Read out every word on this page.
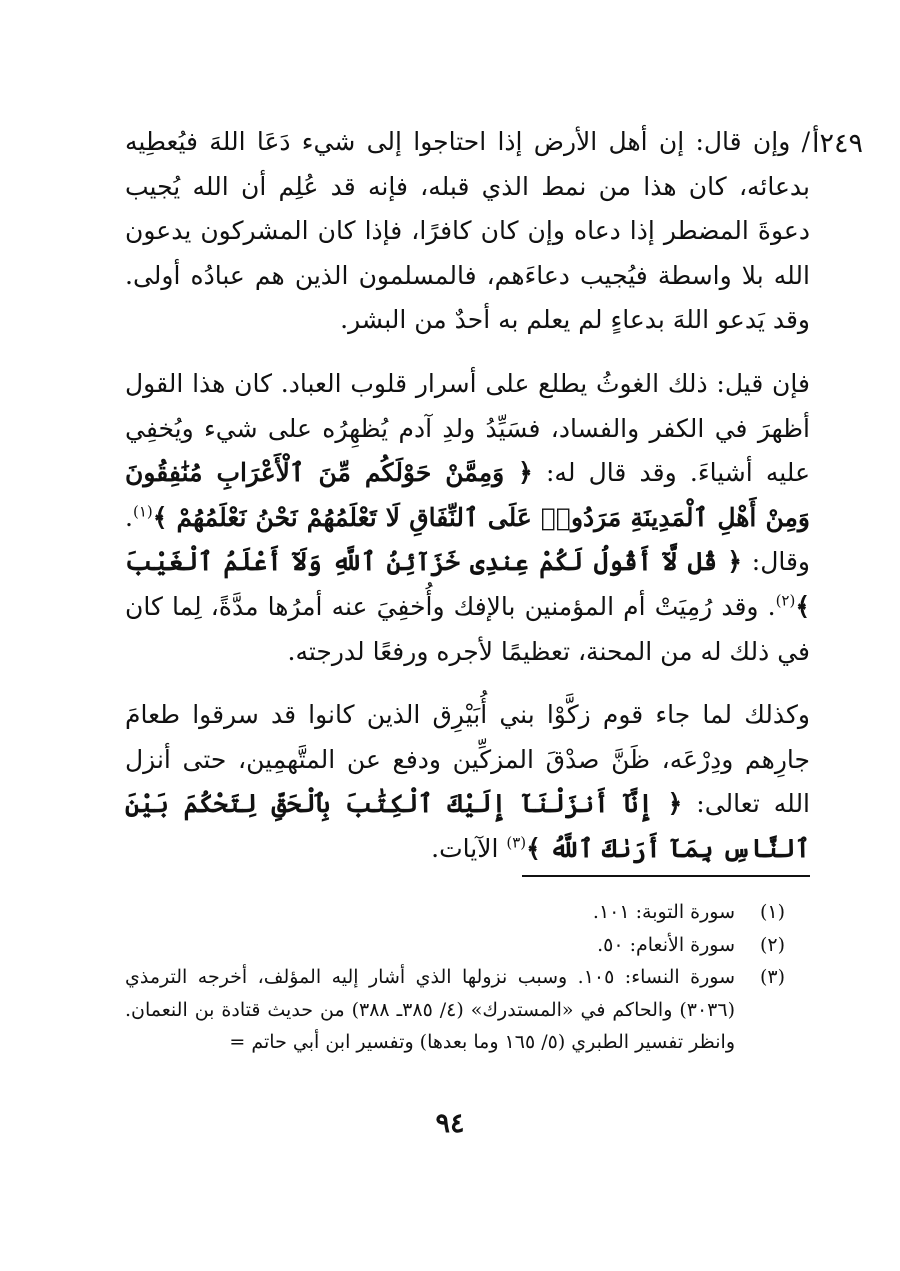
٢٤٩أ

/ وإن قال: إن أهل الأرض إذا احتاجوا إلى شيء دَعَا اللهَ فيُعطِيه بدعائه، كان هذا من نمط الذي قبله، فإنه قد عُلِم أن الله يُجيب دعوةَ المضطر إذا دعاه وإن كان كافرًا، فإذا كان المشركون يدعون الله بلا واسطة فيُجيب دعاءَهم، فالمسلمون الذين هم عبادُه أولى. وقد يَدعو اللهَ بدعاءٍ لم يعلم به أحدٌ من البشر.

فإن قيل: ذلك الغوثُ يطلع على أسرار قلوب العباد. كان هذا القول أظهرَ في الكفر والفساد، فسَيِّدُ ولدِ آدم يُظهِرُه على شيء ويُخفِي عليه أشياءَ. وقد قال له: ﴿ وَمِمَّنْ حَوْلَكُم مِّنَ ٱلْأَعْرَابِ مُنَٰفِقُونَ وَمِنْ أَهْلِ ٱلْمَدِينَةِ مَرَدُوا۟ عَلَى ٱلنِّفَاقِ لَا تَعْلَمُهُمْ نَحْنُ نَعْلَمُهُمْ ﴾$^{(١)}$. وقال: ﴿ قُل لَّآ أَقُولُ لَكُمْ عِندِى خَزَآئِنُ ٱللَّهِ وَلَآ أَعْلَمُ ٱلْغَيْبَ ﴾$^{(٢)}$. وقد رُمِيَتْ أم المؤمنين بالإفك وأُخفِيَ عنه أمرُها مدَّةً، لِما كان في ذلك له من المحنة، تعظيمًا لأجره ورفعًا لدرجته.

وكذلك لما جاء قوم زكَّوْا بني أُبَيْرِق الذين كانوا قد سرقوا طعامَ جارِهم ودِرْعَه، ظَنَّ صدْقَ المزكِّين ودفع عن المتَّهمِين، حتى أنزل الله تعالى: ﴿ إِنَّآ أَنزَلْنَآ إِلَيْكَ ٱلْكِتَٰبَ بِٱلْحَقِّ لِتَحْكُمَ بَيْنَ ٱلنَّاسِ بِمَآ أَرَىٰكَ ٱللَّهُ ﴾$^{(٣)}$ الآيات.

(١)
سورة التوبة: ١٠١.

(٢)
سورة الأنعام: ٥٠.

(٣)
سورة النساء: ١٠٥. وسبب نزولها الذي أشار إليه المؤلف، أخرجه الترمذي (٣٠٣٦) والحاكم في «المستدرك» (٤/ ٣٨٥ـ ٣٨٨) من حديث قتادة بن النعمان. وانظر تفسير الطبري (٥/ ١٦٥ وما بعدها) وتفسير ابن أبي حاتم =

٩٤
